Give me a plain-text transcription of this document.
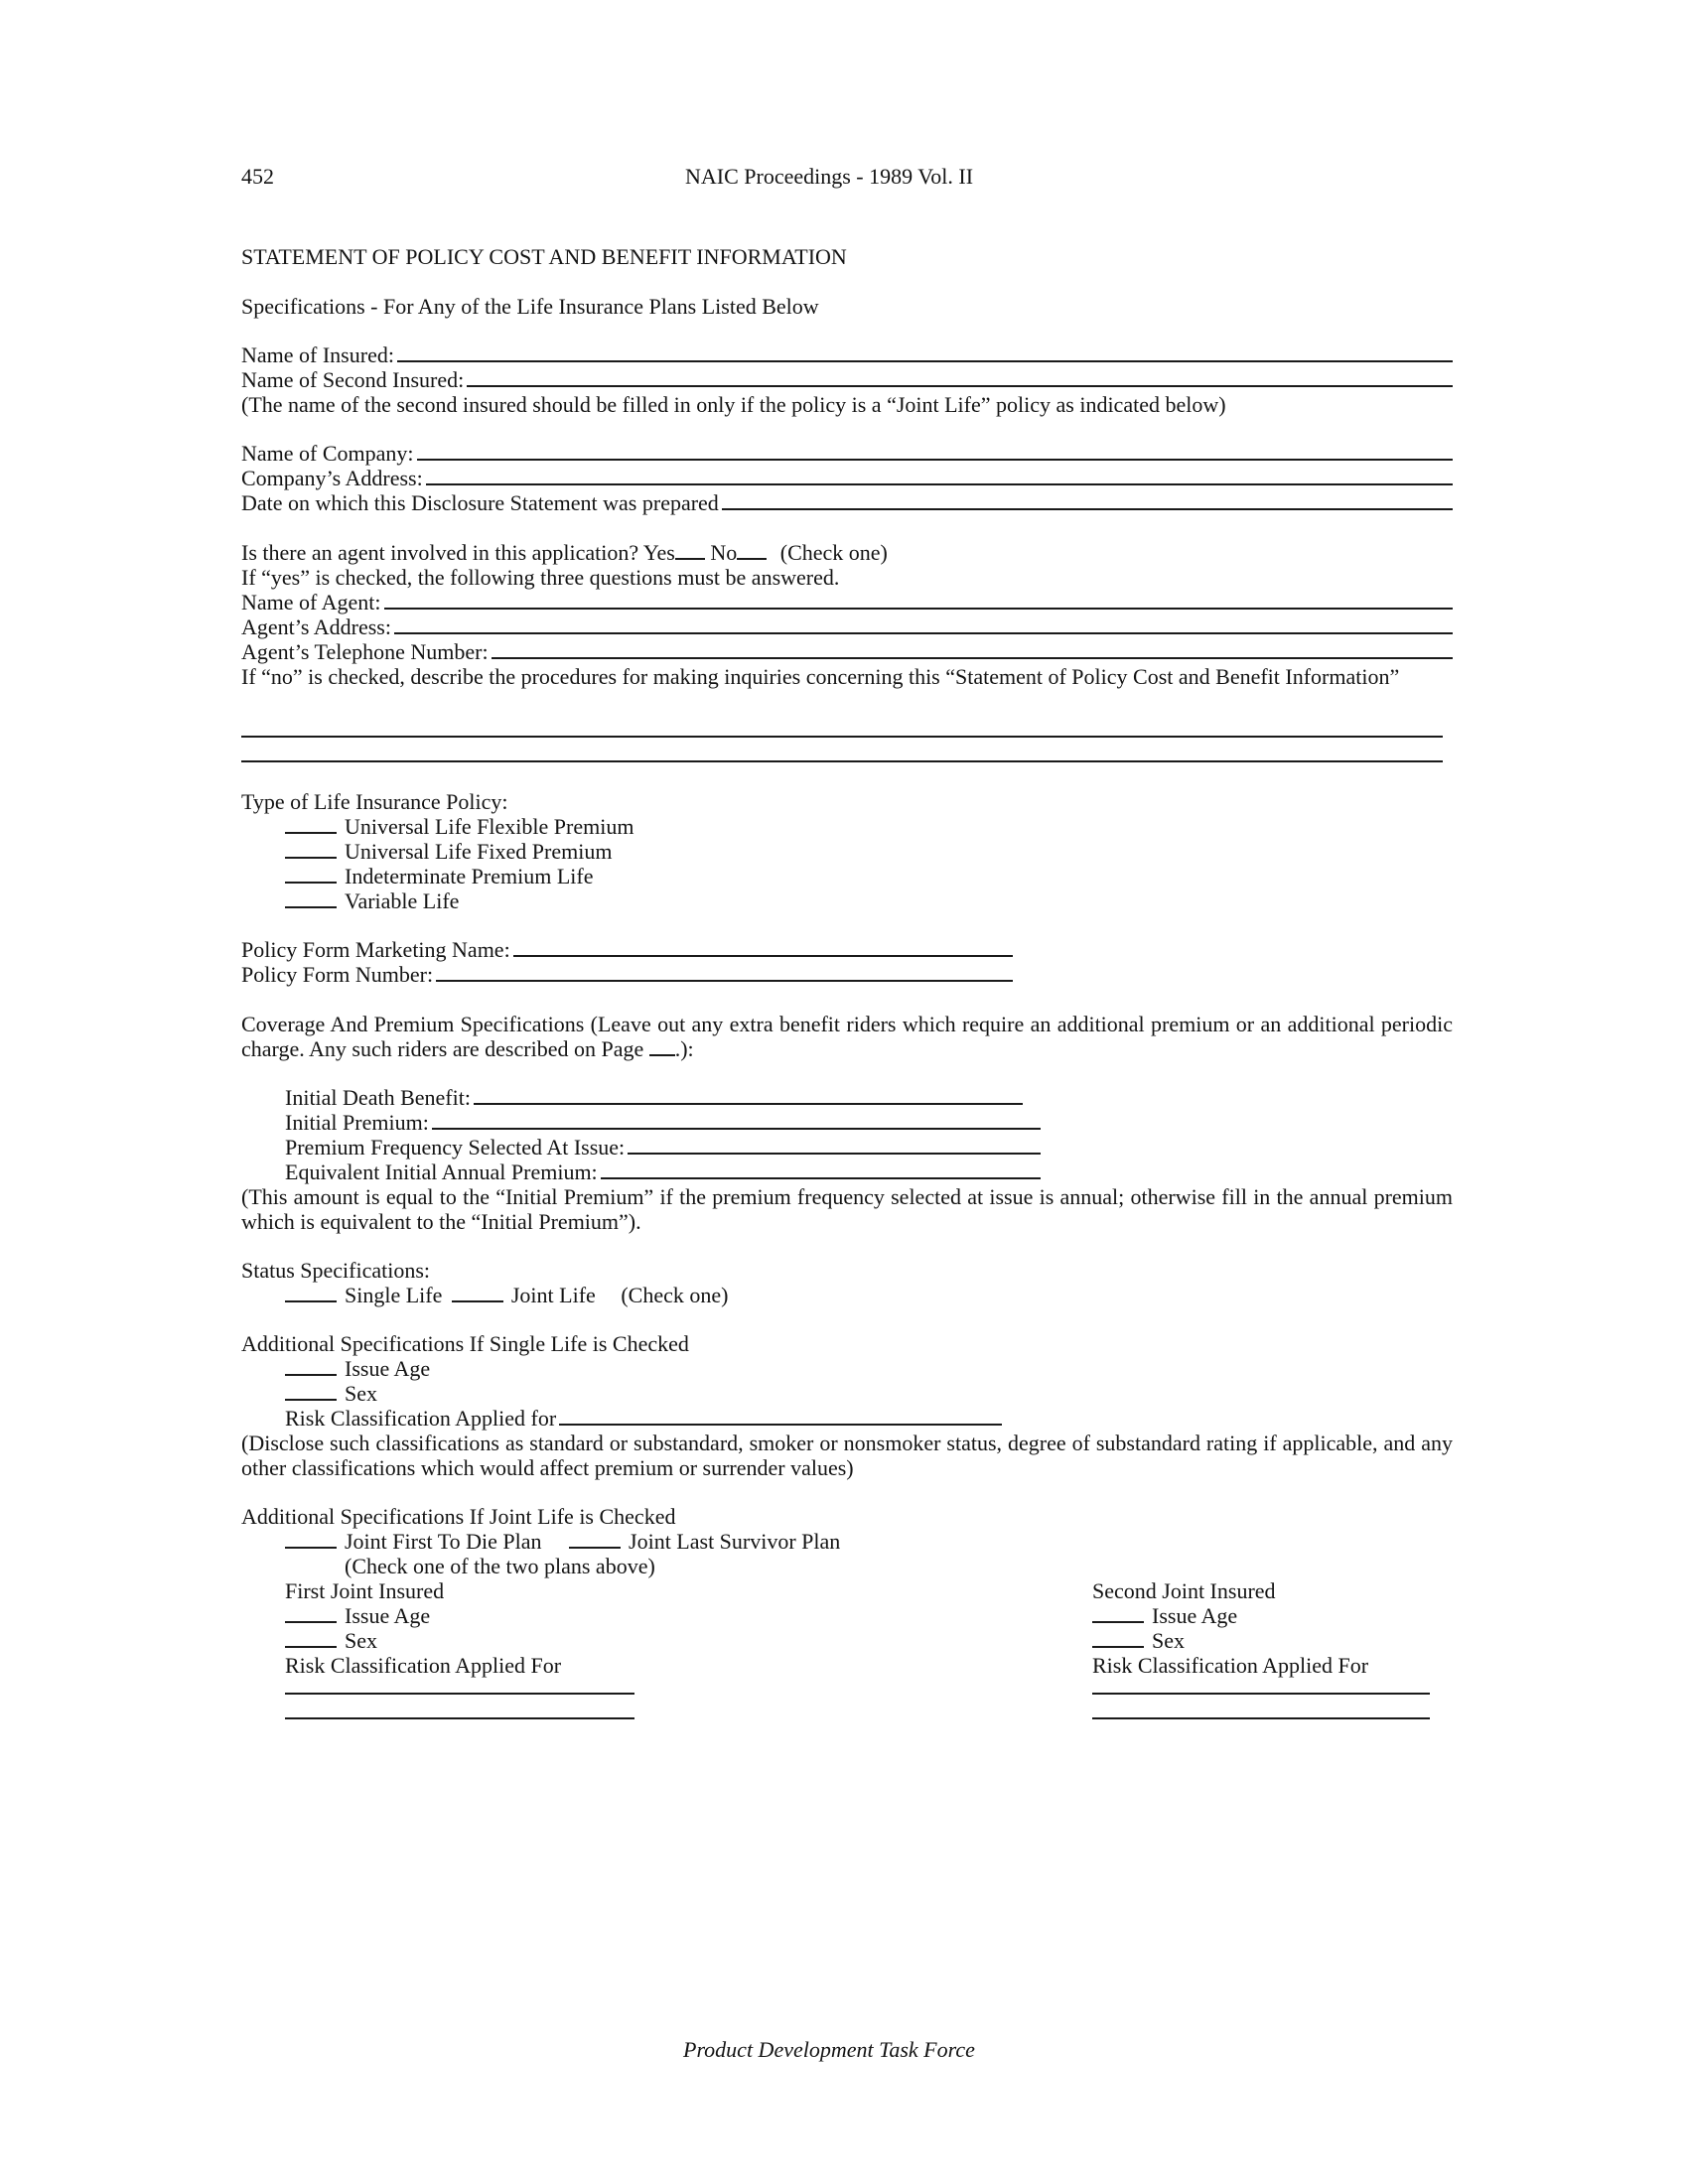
452	NAIC Proceedings - 1989 Vol. II
STATEMENT OF POLICY COST AND BENEFIT INFORMATION
Specifications - For Any of the Life Insurance Plans Listed Below
Name of Insured:
Name of Second Insured:
(The name of the second insured should be filled in only if the policy is a “Joint Life” policy as indicated below)
Name of Company:
Company’s Address:
Date on which this Disclosure Statement was prepared
Is there an agent involved in this application? Yes No (Check one)
If “yes” is checked, the following three questions must be answered.
Name of Agent:
Agent’s Address:
Agent’s Telephone Number:
If “no” is checked, describe the procedures for making inquiries concerning this “Statement of Policy Cost and Benefit Information”
Type of Life Insurance Policy:
Universal Life Flexible Premium
Universal Life Fixed Premium
Indeterminate Premium Life
Variable Life
Policy Form Marketing Name:
Policy Form Number:
Coverage And Premium Specifications (Leave out any extra benefit riders which require an additional premium or an additional periodic charge. Any such riders are described on Page .):
Initial Death Benefit:
Initial Premium:
Premium Frequency Selected At Issue:
Equivalent Initial Annual Premium:
(This amount is equal to the “Initial Premium” if the premium frequency selected at issue is annual; otherwise fill in the annual premium which is equivalent to the “Initial Premium”).
Status Specifications:
Single Life	Joint Life (Check one)
Additional Specifications If Single Life is Checked
Issue Age
Sex
Risk Classification Applied for
(Disclose such classifications as standard or substandard, smoker or nonsmoker status, degree of substandard rating if applicable, and any other classifications which would affect premium or surrender values)
Additional Specifications If Joint Life is Checked
Joint First To Die Plan	Joint Last Survivor Plan
(Check one of the two plans above)
First Joint Insured
Issue Age
Sex
Risk Classification Applied For
Second Joint Insured
Issue Age
Sex
Risk Classification Applied For
Product Development Task Force
